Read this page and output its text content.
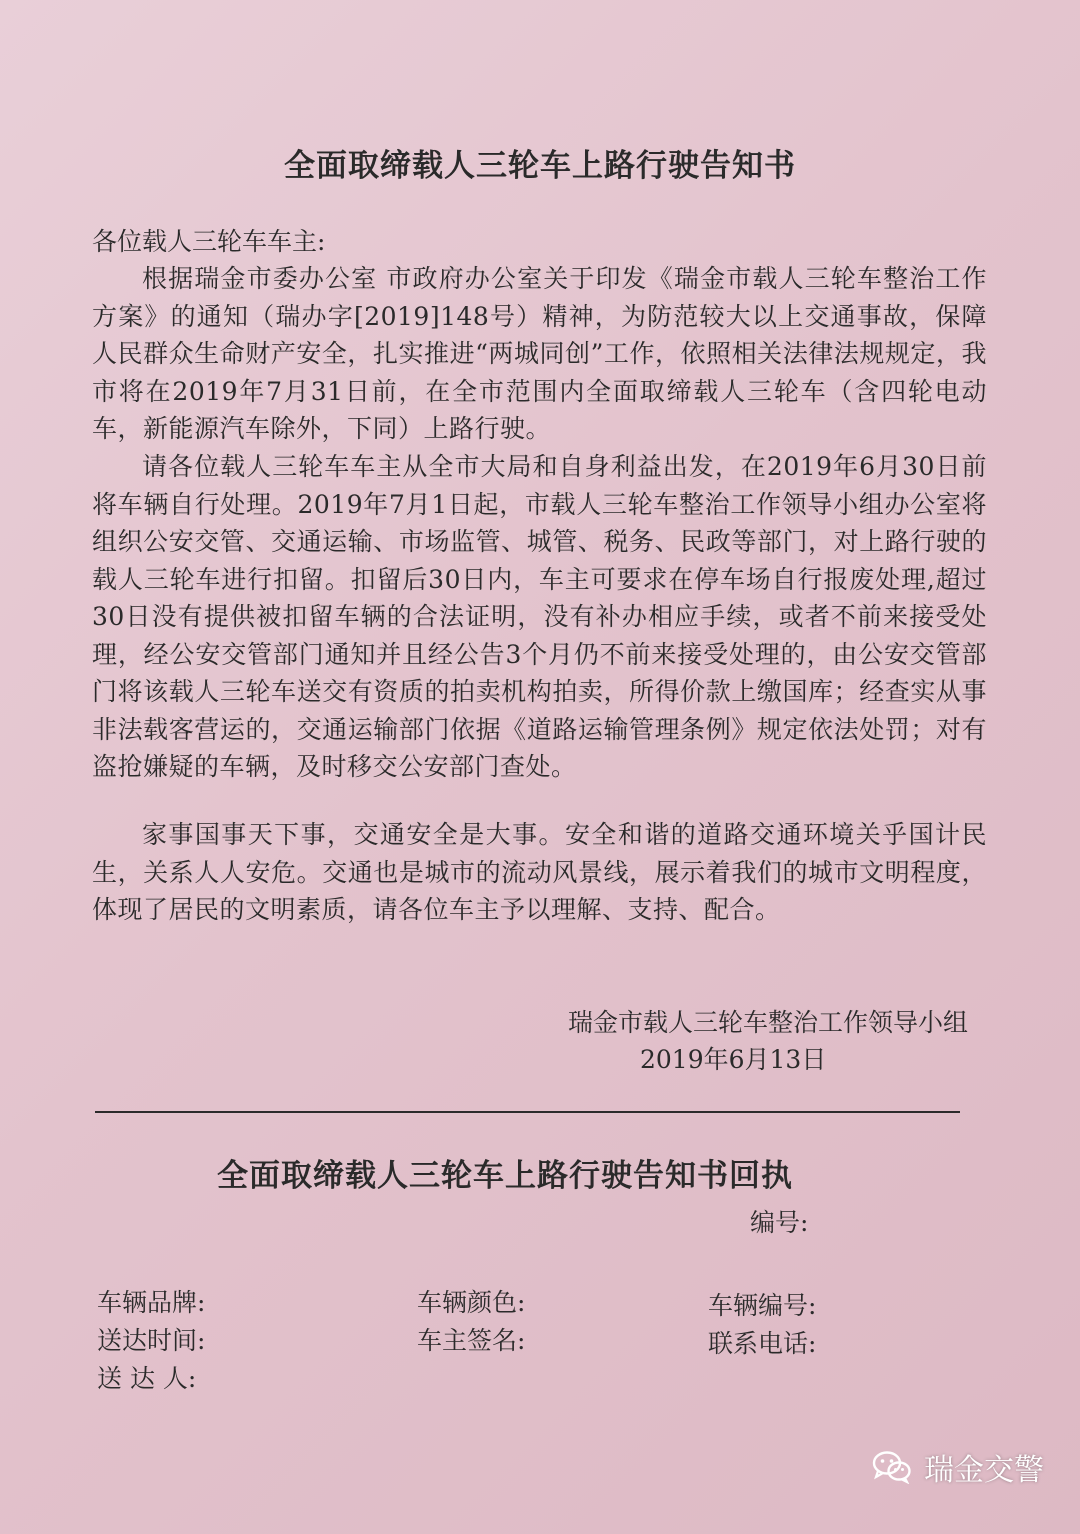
全面取缔载人三轮车上路行驶告知书
各位载人三轮车车主:
根据瑞金市委办公室 市政府办公室关于印发《瑞金市载人三轮车整治工作方案》的通知（瑞办字[2019]148号）精神，为防范较大以上交通事故，保障人民群众生命财产安全，扎实推进“两城同创”工作，依照相关法律法规规定，我市将在2019年7月31日前，在全市范围内全面取缔载人三轮车（含四轮电动车，新能源汽车除外，下同）上路行驶。
请各位载人三轮车车主从全市大局和自身利益出发，在2019年6月30日前将车辆自行处理。2019年7月1日起，市载人三轮车整治工作领导小组办公室将组织公安交管、交通运输、市场监管、城管、税务、民政等部门，对上路行驶的载人三轮车进行扣留。扣留后30日内，车主可要求在停车场自行报废处理,超过30日没有提供被扣留车辆的合法证明，没有补办相应手续，或者不前来接受处理，经公安交管部门通知并且经公告3个月仍不前来接受处理的，由公安交管部门将该载人三轮车送交有资质的拍卖机构拍卖，所得价款上缴国库；经查实从事非法载客营运的，交通运输部门依据《道路运输管理条例》规定依法处罚；对有盗抢嫌疑的车辆，及时移交公安部门查处。
家事国事天下事，交通安全是大事。安全和谐的道路交通环境关乎国计民生，关系人人安危。交通也是城市的流动风景线，展示着我们的城市文明程度，体现了居民的文明素质，请各位车主予以理解、支持、配合。
瑞金市载人三轮车整治工作领导小组
2019年6月13日
全面取缔载人三轮车上路行驶告知书回执
编号:
车辆品牌:	车辆颜色:	车辆编号:
送达时间:	车主签名:	联系电话:
送 达 人:
瑞金交警
